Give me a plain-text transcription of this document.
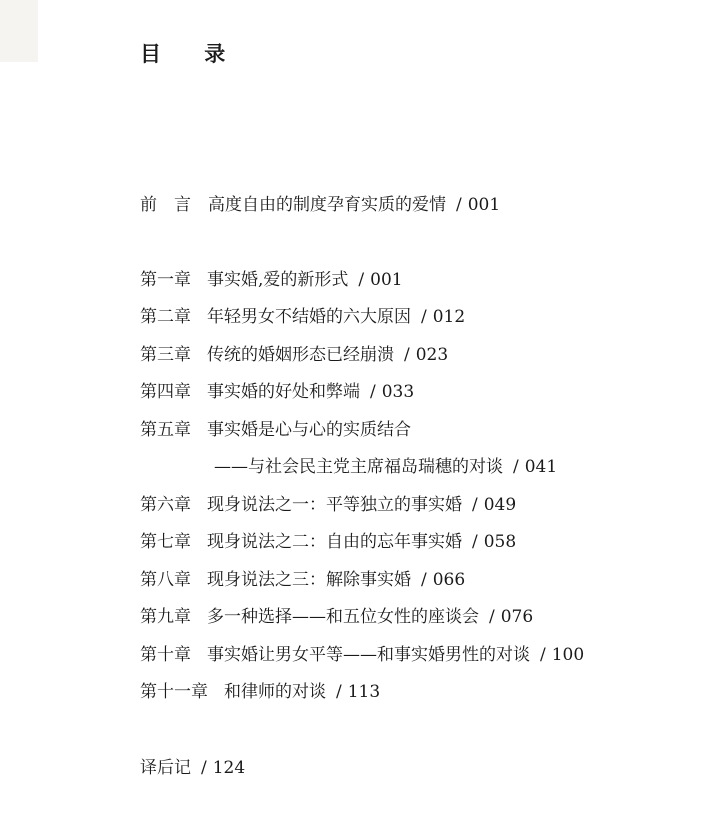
目 录
前言高度自由的制度孕育实质的爱情 / 001
第一章 事实婚,爱的新形式 / 001
第二章 年轻男女不结婚的六大原因 / 012
第三章 传统的婚姻形态已经崩溃 / 023
第四章 事实婚的好处和弊端 / 033
第五章 事实婚是心与心的实质结合
——与社会民主党主席福岛瑞穗的对谈 / 041
第六章 现身说法之一：平等独立的事实婚 / 049
第七章 现身说法之二：自由的忘年事实婚 / 058
第八章 现身说法之三：解除事实婚 / 066
第九章 多一种选择——和五位女性的座谈会 / 076
第十章 事实婚让男女平等——和事实婚男性的对谈 / 100
第十一章 和律师的对谈 / 113
译后记 / 124
